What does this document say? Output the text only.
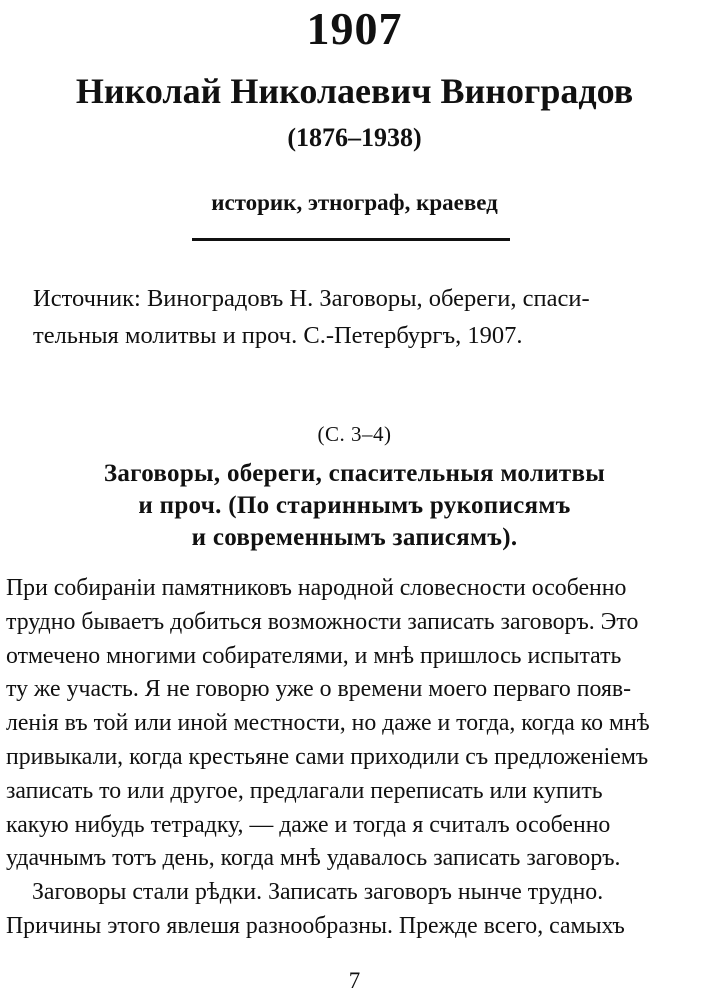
1907
Николай Николаевич Виноградов
(1876–1938)
историк, этнограф, краевед
Источник: Виноградовъ Н. Заговоры, обереги, спаси-
тельныя молитвы и проч. С.-Петербургъ, 1907.
(С. 3–4)
Заговоры, обереги, спасительныя молитвы
и проч. (По стариннымъ рукописямъ
и современнымъ записямъ).
При собиранiи памятниковъ народной словесности особенно
трудно бываетъ добиться возможности записать заговоръ. Это
отмечено многими собирателями, и мнѣ пришлось испытать
ту же участь. Я не говорю уже о времени моего перваго появ-
ленiя въ той или иной местности, но даже и тогда, когда ко мнѣ
привыкали, когда крестьяне сами приходили съ предложенiемъ
записать то или другое, предлагали переписать или купить
какую нибудь тетрадку, — даже и тогда я считалъ особенно
удачнымъ тотъ день, когда мнѣ удавалось записать заговоръ.
Заговоры стали рѣдки. Записать заговоръ нынче трудно.
Причины этого явлешя разнообразны. Прежде всего, самыхъ
7
